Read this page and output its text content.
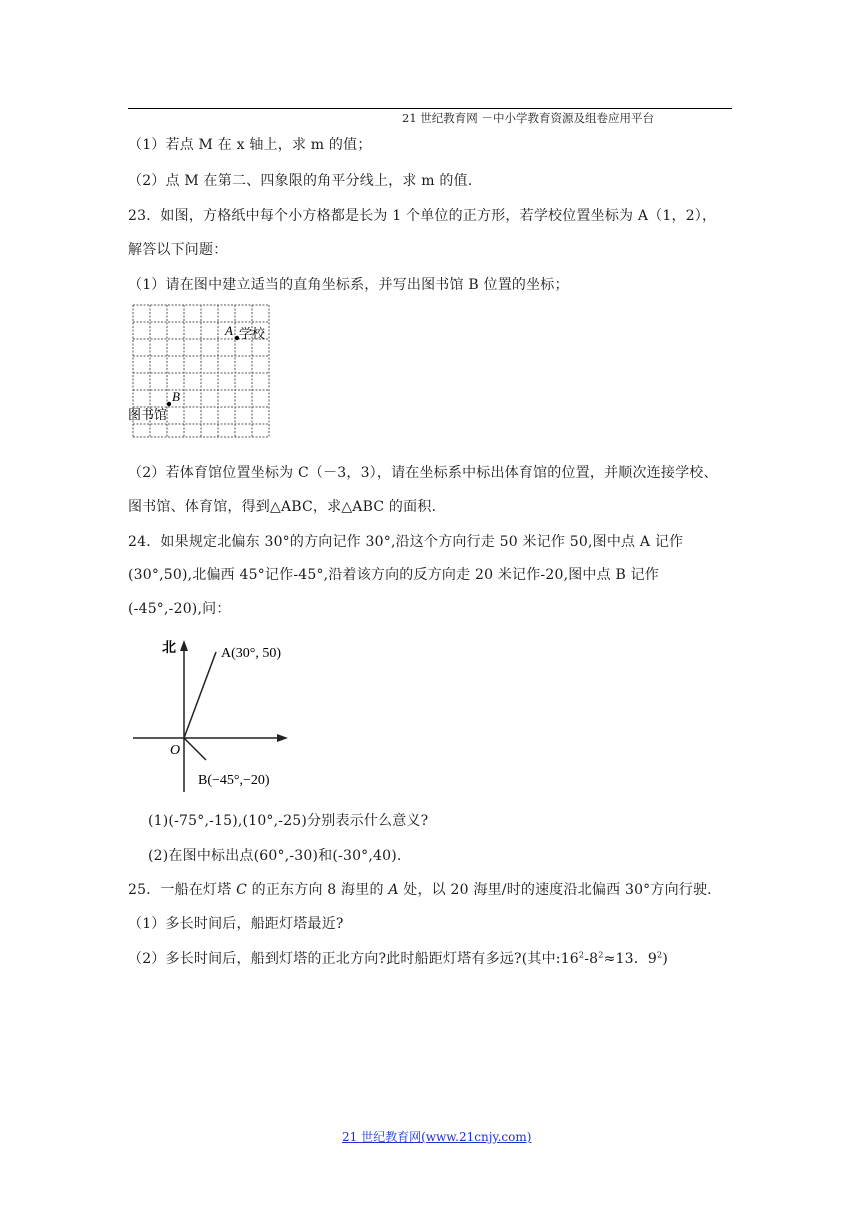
21 世纪教育网 －中小学教育资源及组卷应用平台
（1）若点 M 在 x 轴上，求 m 的值；
（2）点 M 在第二、四象限的角平分线上，求 m 的值.
23．如图，方格纸中每个小方格都是长为 1 个单位的正方形，若学校位置坐标为 A（1，2），
解答以下问题：
（1）请在图中建立适当的直角坐标系，并写出图书馆 B 位置的坐标；
A 学校
B
图书馆
（2）若体育馆位置坐标为 C（－3，3），请在坐标系中标出体育馆的位置，并顺次连接学校、
图书馆、体育馆，得到△ABC，求△ABC 的面积.
24．如果规定北偏东 30°的方向记作 30°,沿这个方向行走 50 米记作 50,图中点 A 记作
(30°,50),北偏西 45°记作-45°,沿着该方向的反方向走 20 米记作-20,图中点 B 记作
(-45°,-20),问：
北
O
A(30°, 50)
B(−45°,−20)
(1)(-75°,-15),(10°,-25)分别表示什么意义?
(2)在图中标出点(60°,-30)和(-30°,40).
25．一船在灯塔 C 的正东方向 8 海里的 A 处，以 20 海里/时的速度沿北偏西 30°方向行驶.
（1）多长时间后，船距灯塔最近?
（2）多长时间后，船到灯塔的正北方向?此时船距灯塔有多远?(其中$:16^2-8^2\approx 13$．$9^2$)
21 世纪教育网(www.21cnjy.com)
